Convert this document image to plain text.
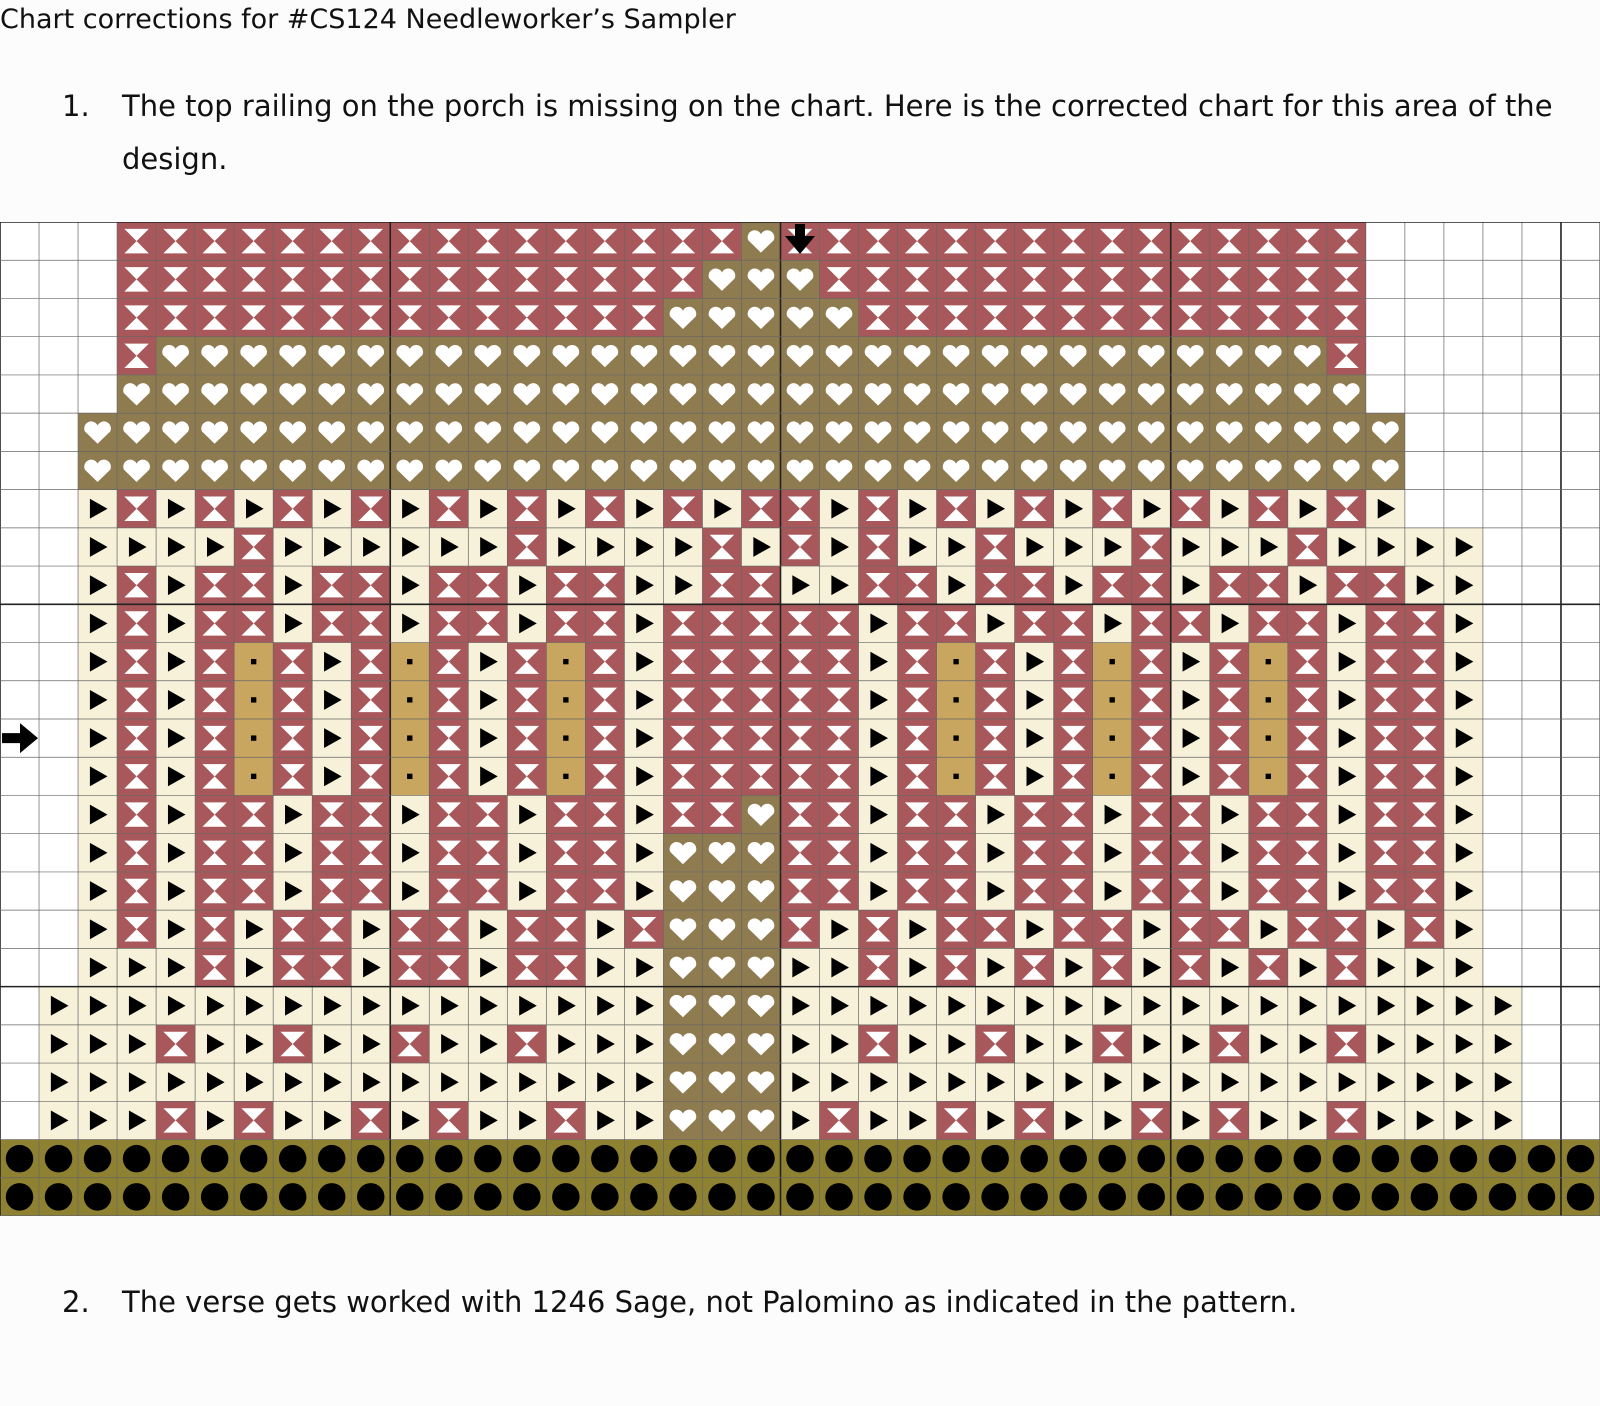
Chart corrections for #CS124 Needleworker’s Sampler
1. The top railing on the porch is missing on the chart. Here is the corrected chart for this area of the design.
2. The verse gets worked with 1246 Sage, not Palomino as indicated in the pattern.
